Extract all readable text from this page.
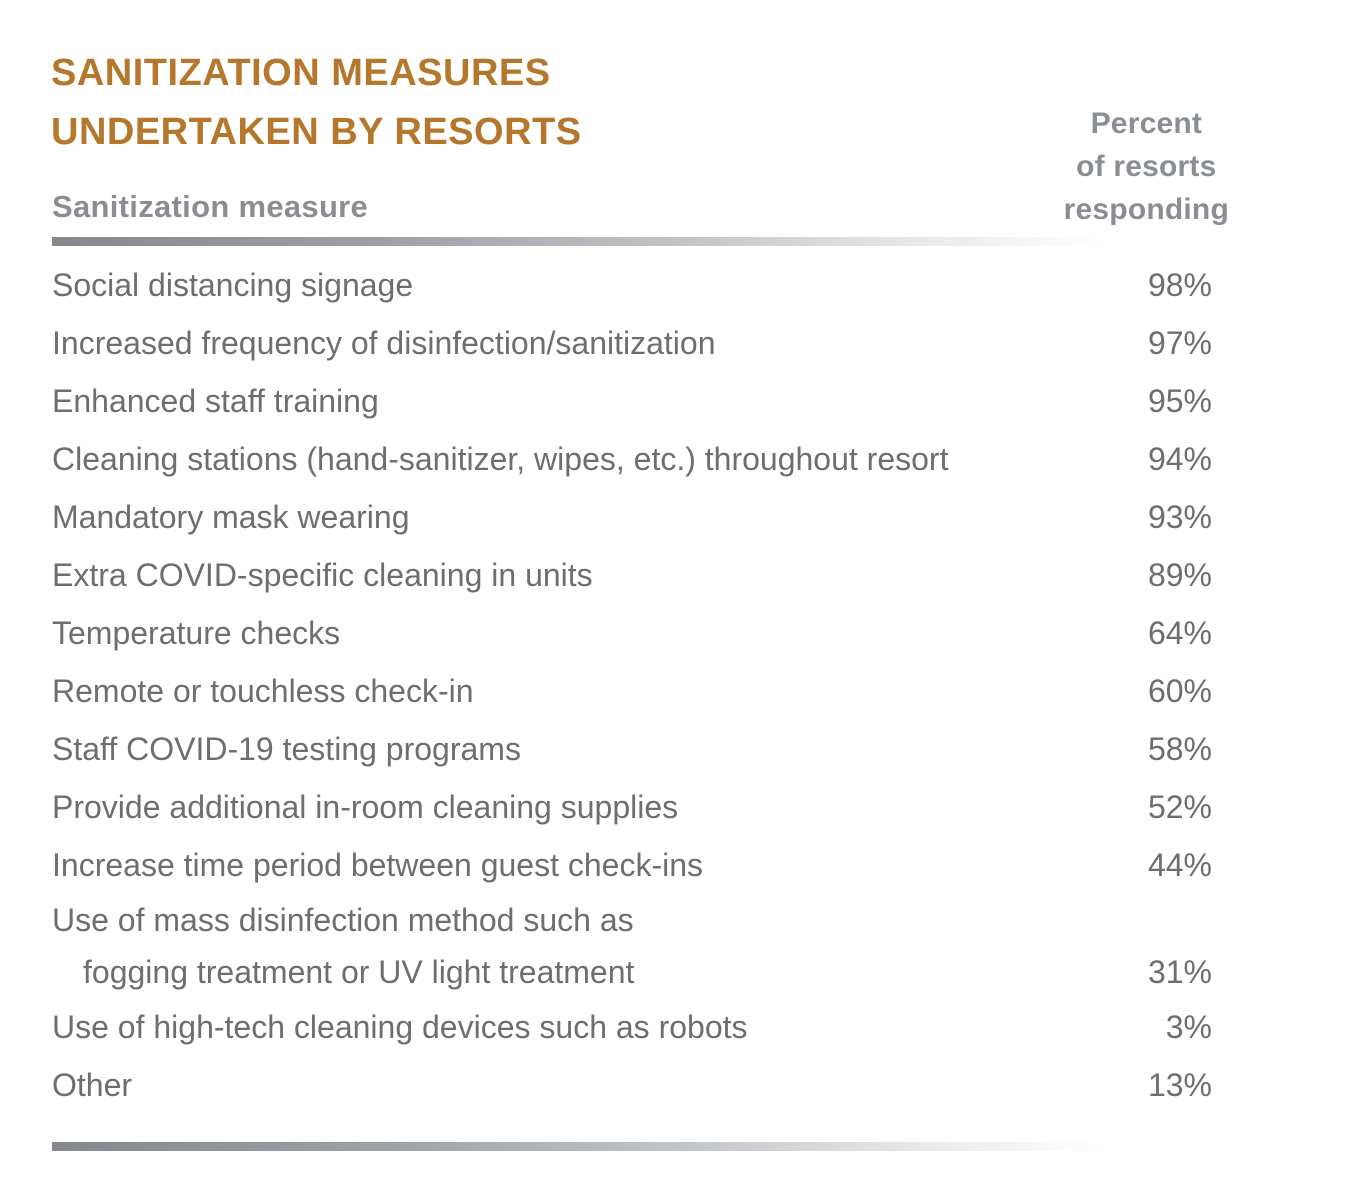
SANITIZATION MEASURES
UNDERTAKEN BY RESORTS
Sanitization measure
Percent
of resorts
responding
Social distancing signage	98%
Increased frequency of disinfection/sanitization	97%
Enhanced staff training	95%
Cleaning stations (hand-sanitizer, wipes, etc.) throughout resort	94%
Mandatory mask wearing	93%
Extra COVID-specific cleaning in units	89%
Temperature checks	64%
Remote or touchless check-in	60%
Staff COVID-19 testing programs	58%
Provide additional in-room cleaning supplies	52%
Increase time period between guest check-ins	44%
Use of mass disinfection method such as
fogging treatment or UV light treatment	31%
Use of high-tech cleaning devices such as robots	3%
Other	13%
